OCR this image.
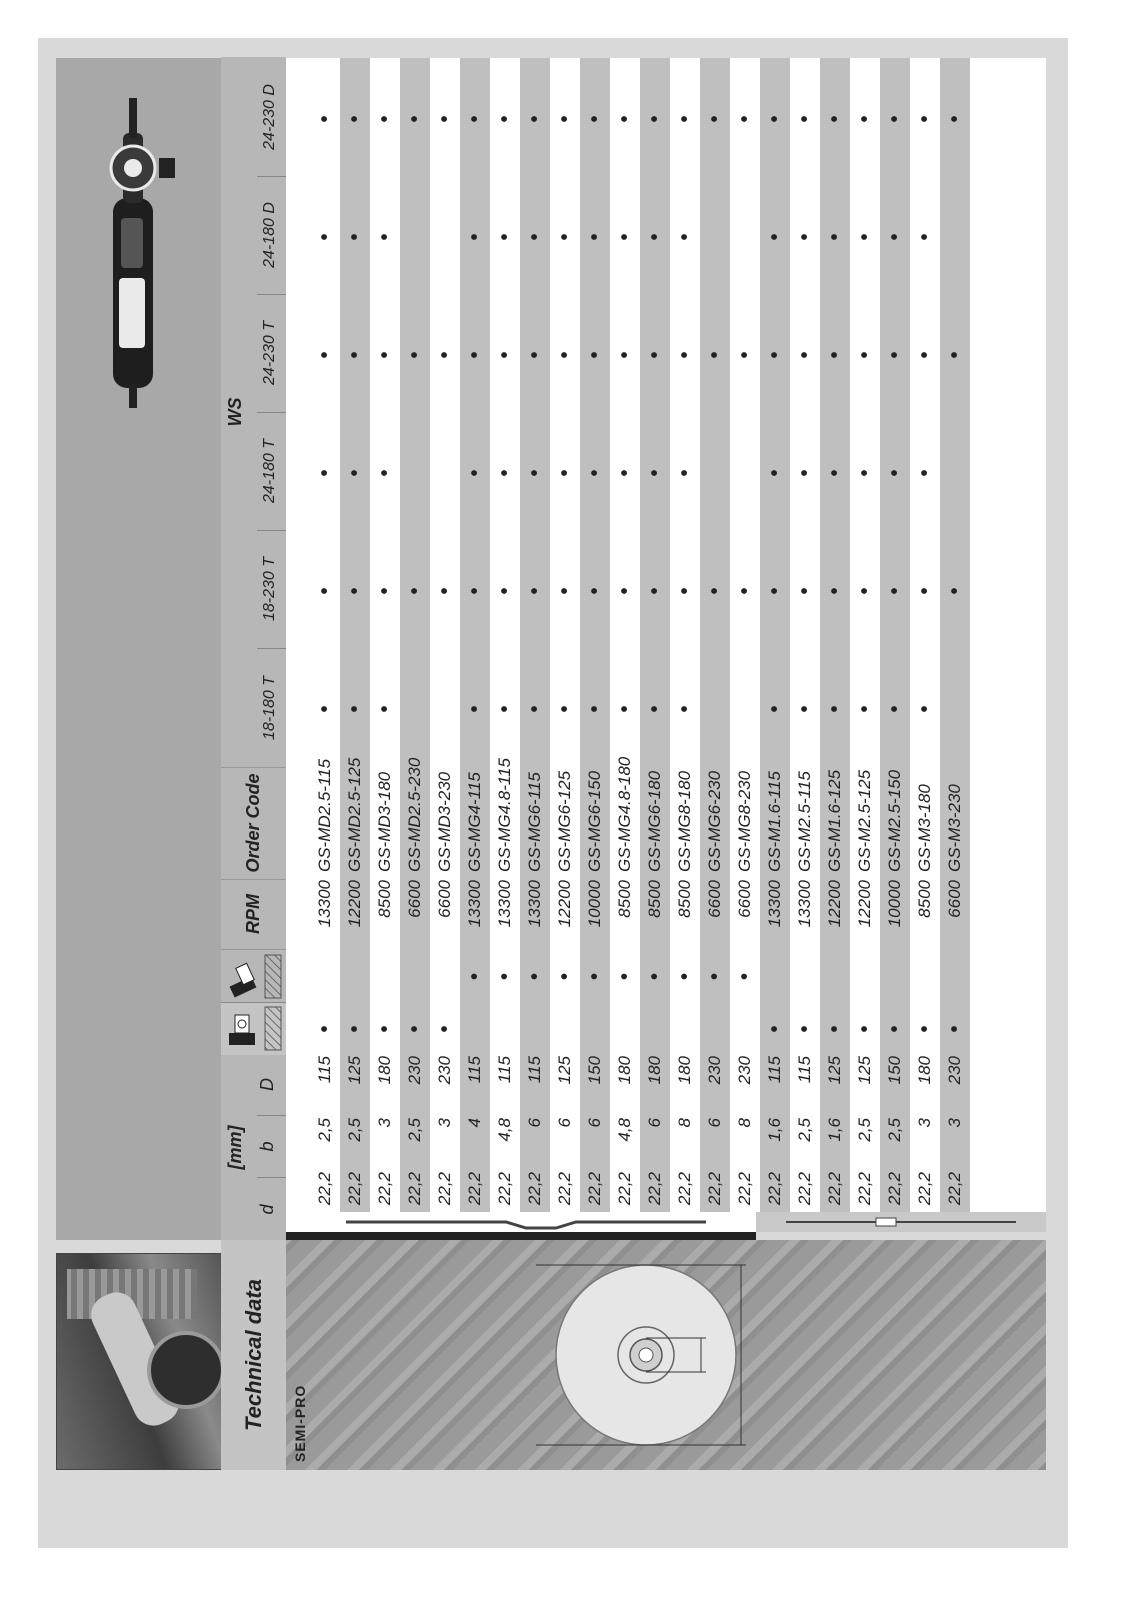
Technical data
[mm]
d
b
D
RPM
Order Code
WS
18-180 T
18-230 T
24-180 T
24-230 T
24-180 D
24-230 D
SEMI-PRO
22,2
2,5
115
•
13300
GS-MD2.5-115
•
•
•
•
•
•
22,2
2,5
125
•
12200
GS-MD2.5-125
•
•
•
•
•
•
22,2
3
180
•
8500
GS-MD3-180
•
•
•
•
•
•
22,2
2,5
230
•
6600
GS-MD2.5-230
•
•
•
22,2
3
230
•
6600
GS-MD3-230
•
•
•
22,2
4
115
•
13300
GS-MG4-115
•
•
•
•
•
•
22,2
4,8
115
•
13300
GS-MG4.8-115
•
•
•
•
•
•
22,2
6
115
•
13300
GS-MG6-115
•
•
•
•
•
•
22,2
6
125
•
12200
GS-MG6-125
•
•
•
•
•
•
22,2
6
150
•
10000
GS-MG6-150
•
•
•
•
•
•
22,2
4,8
180
•
8500
GS-MG4.8-180
•
•
•
•
•
•
22,2
6
180
•
8500
GS-MG6-180
•
•
•
•
•
•
22,2
8
180
•
8500
GS-MG8-180
•
•
•
•
•
•
22,2
6
230
•
6600
GS-MG6-230
•
•
•
22,2
8
230
•
6600
GS-MG8-230
•
•
•
22,2
1,6
115
•
13300
GS-M1.6-115
•
•
•
•
•
•
22,2
2,5
115
•
13300
GS-M2.5-115
•
•
•
•
•
•
22,2
1,6
125
•
12200
GS-M1.6-125
•
•
•
•
•
•
22,2
2,5
125
•
12200
GS-M2.5-125
•
•
•
•
•
•
22,2
2,5
150
•
10000
GS-M2.5-150
•
•
•
•
•
•
22,2
3
180
•
8500
GS-M3-180
•
•
•
•
•
•
22,2
3
230
•
6600
GS-M3-230
•
•
•
